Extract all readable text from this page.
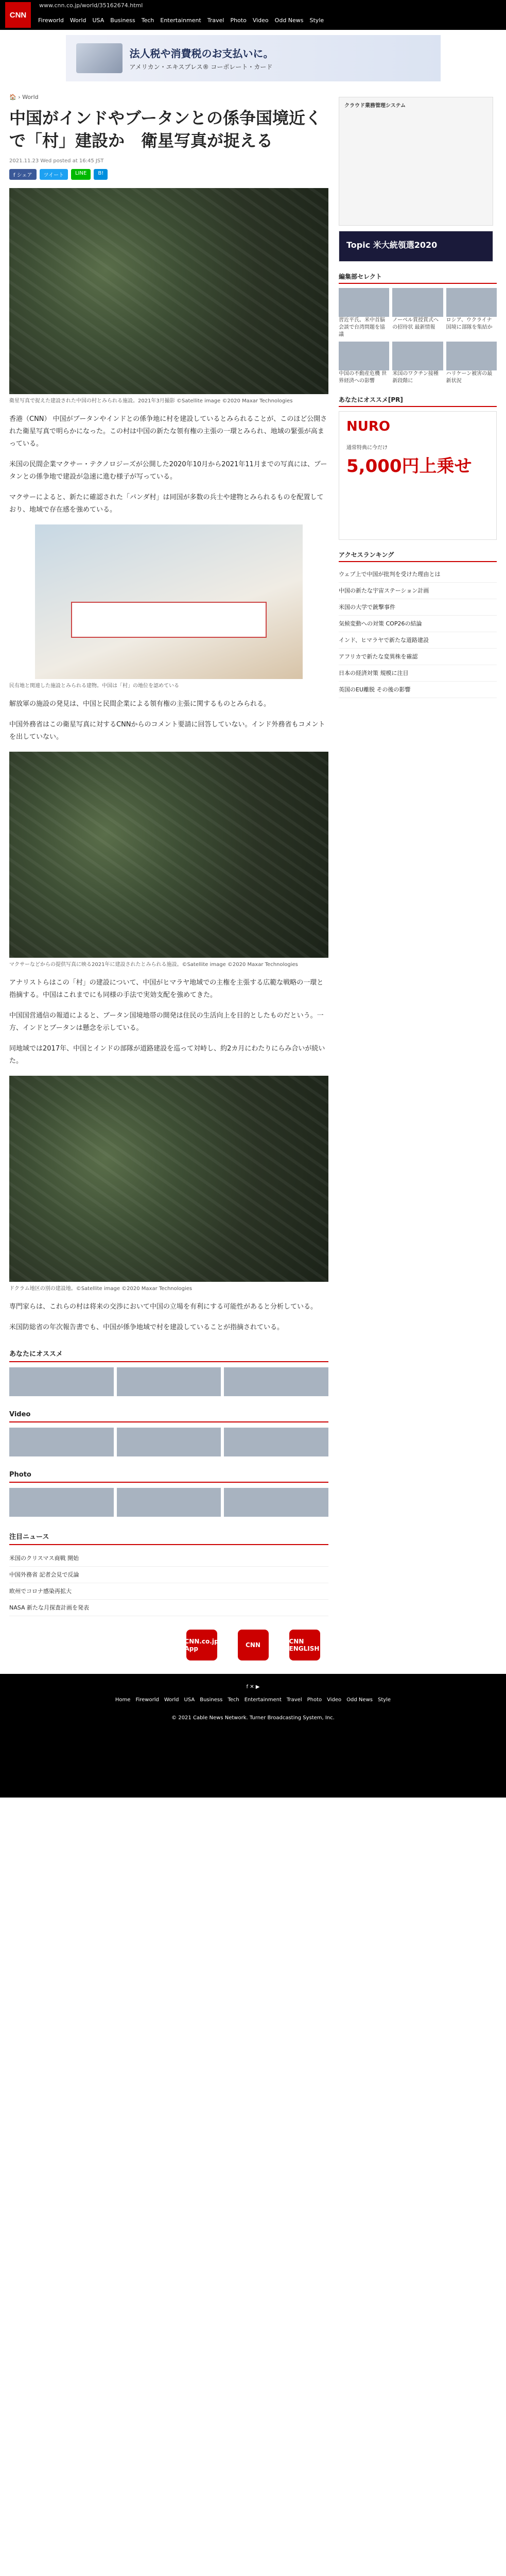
CNN
www.cnn.co.jp/world/35162674.html
Fireworld World USA Business Tech Entertainment Travel Photo Video Odd News Style
法人税や消費税のお支払いに。
アメリカン・エキスプレス® コーポレート・カード
🏠 › World
中国がインドやブータンとの係争国境近くで「村」建設か　衛星写真が捉える
2021.11.23 Wed posted at 16:45 JST
f シェア	ツイート	LINE	B!
衛星写真で捉えた建設された中国の村とみられる施設。2021年3月撮影 ©Satellite image ©2020 Maxar Technologies

香港（CNN） 中国がブータンやインドとの係争地に村を建設しているとみられることが、このほど公開された衛星写真で明らかになった。この村は中国の新たな領有権の主張の一環とみられ、地域の緊張が高まっている。

米国の民間企業マクサー・テクノロジーズが公開した2020年10月から2021年11月までの写真には、ブータンとの係争地で建設が急速に進む様子が写っている。

マクサーによると、新たに確認された「パンダ村」は同国が多数の兵士や建物とみられるものを配置しており、地域で存在感を強めている。

民有地と関連した施設とみられる建物。中国は「村」の地位を認めている

解放軍の施設の発見は、中国と民間企業による領有権の主張に関するものとみられる。

中国外務省はこの衛星写真に対するCNNからのコメント要請に回答していない。インド外務省もコメントを出していない。

マクサーなどからの提供写真に映る2021年に建設されたとみられる施設。©Satellite image ©2020 Maxar Technologies

アナリストらはこの「村」の建設について、中国がヒマラヤ地域での主権を主張する広範な戦略の一環と指摘する。中国はこれまでにも同様の手法で実効支配を強めてきた。

中国国営通信の報道によると、ブータン国境地帯の開発は住民の生活向上を目的としたものだという。一方、インドとブータンは懸念を示している。

同地域では2017年、中国とインドの部隊が道路建設を巡って対峙し、約2カ月にわたりにらみ合いが続いた。

ドクラム地区の別の建設地。©Satellite image ©2020 Maxar Technologies

専門家らは、これらの村は将来の交渉において中国の立場を有利にする可能性があると分析している。

米国防総省の年次報告書でも、中国が係争地域で村を建設していることが指摘されている。

あなたにオススメ
Video
Photo
注目ニュース
米国のクリスマス商戦 開始
中国外務省 記者会見で反論
欧州でコロナ感染再拡大
NASA 新たな月探査計画を発表
クラウド業務管理システム
Topic 米大統領選2020
編集部セレクト
習近平氏、米中首脳会談で台湾問題を協議
ノーベル賞授賞式への招待状 最新情報
ロシア、ウクライナ国境に部隊を集結か
中国の不動産危機 世界経済への影響
米国のワクチン接種 新段階に
ハリケーン被害の最新状況
あなたにオススメ[PR]
NURO
通常特典に今だけ
5,000円上乗せ
アクセスランキング
ウェブ上で中国が批判を受けた理由とは
中国の新たな宇宙ステーション計画
米国の大学で銃撃事件
気候変動への対策 COP26の結論
インド、ヒマラヤで新たな道路建設
アフリカで新たな変異株を確認
日本の経済対策 規模に注目
英国のEU離脱 その後の影響
CNN.co.jp App	CNN	CNN ENGLISH
f ✕ ▶
Home Fireworld World USA Business Tech Entertainment Travel Photo Video Odd News Style
© 2021 Cable News Network. Turner Broadcasting System, Inc.
